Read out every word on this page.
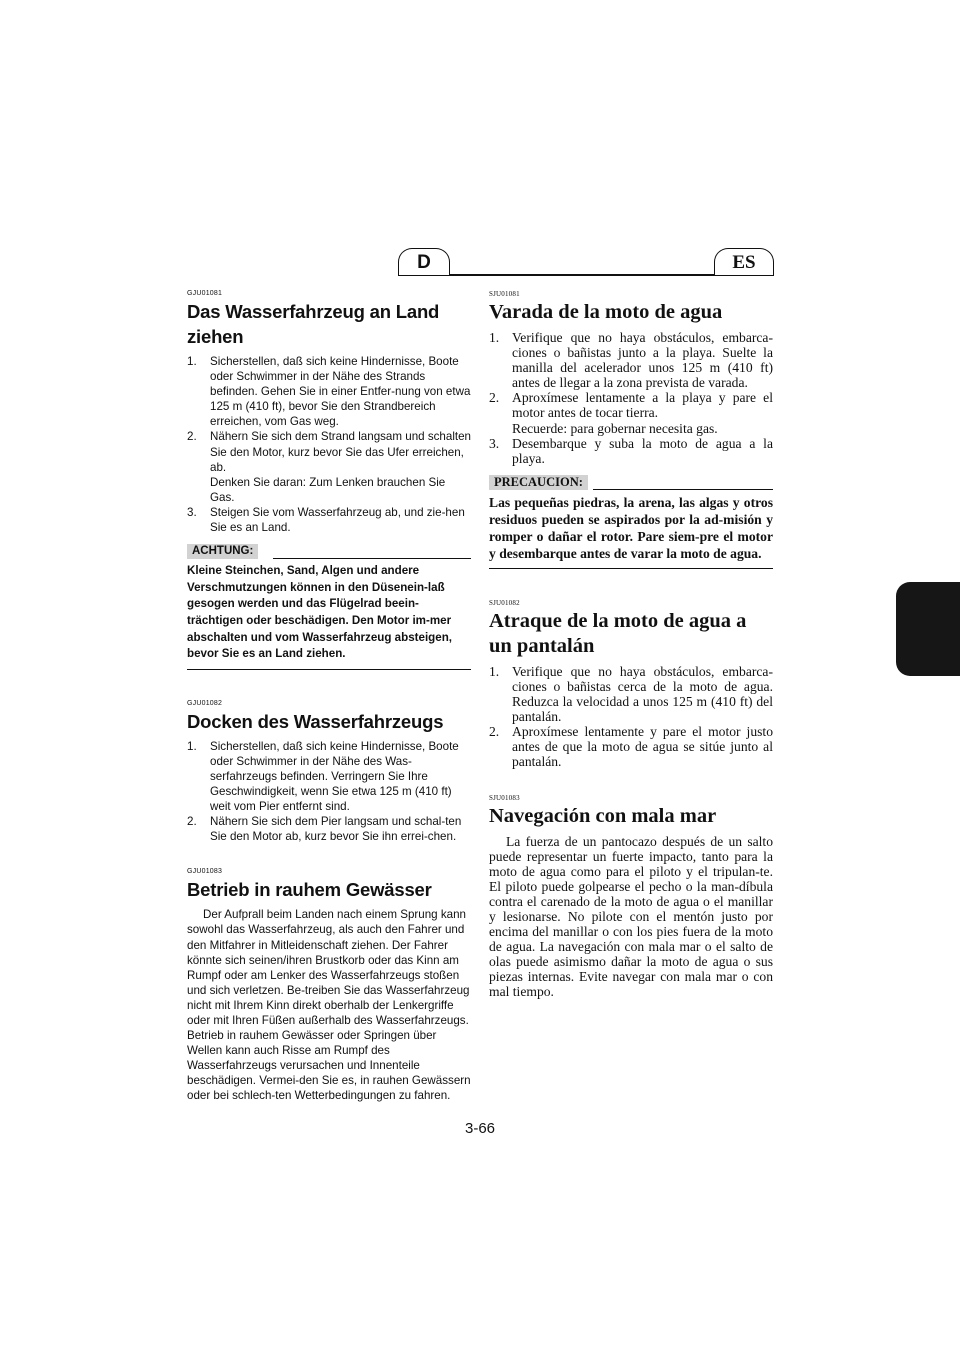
D	ES
GJU01081
Das Wasserfahrzeug an Land ziehen
1. Sicherstellen, daß sich keine Hindernisse, Boote oder Schwimmer in der Nähe des Strands befinden. Gehen Sie in einer Entfer-nung von etwa 125 m (410 ft), bevor Sie den Strandbereich erreichen, vom Gas weg.
2. Nähern Sie sich dem Strand langsam und schalten Sie den Motor, kurz bevor Sie das Ufer erreichen, ab.
Denken Sie daran: Zum Lenken brauchen Sie Gas.
3. Steigen Sie vom Wasserfahrzeug ab, und zie-hen Sie es an Land.
ACHTUNG:
Kleine Steinchen, Sand, Algen und andere Verschmutzungen können in den Düsenein-laß gesogen werden und das Flügelrad beein-trächtigen oder beschädigen. Den Motor im-mer abschalten und vom Wasserfahrzeug absteigen, bevor Sie es an Land ziehen.
GJU01082
Docken des Wasserfahrzeugs
1. Sicherstellen, daß sich keine Hindernisse, Boote oder Schwimmer in der Nähe des Was-serfahrzeugs befinden. Verringern Sie Ihre Geschwindigkeit, wenn Sie etwa 125 m (410 ft) weit vom Pier entfernt sind.
2. Nähern Sie sich dem Pier langsam und schal-ten Sie den Motor ab, kurz bevor Sie ihn errei-chen.
GJU01083
Betrieb in rauhem Gewässer

Der Aufprall beim Landen nach einem Sprung kann sowohl das Wasserfahrzeug, als auch den Fahrer und den Mitfahrer in Mitleidenschaft ziehen. Der Fahrer könnte sich seinen/ihren Brustkorb oder das Kinn am Rumpf oder am Lenker des Wasserfahrzeugs stoßen und sich verletzen. Be-treiben Sie das Wasserfahrzeug nicht mit Ihrem Kinn direkt oberhalb der Lenkergriffe oder mit Ihren Füßen außerhalb des Wasserfahrzeugs. Betrieb in rauhem Gewässer oder Springen über Wellen kann auch Risse am Rumpf des Wasserfahrzeugs verursachen und Innenteile beschädigen. Vermei-den Sie es, in rauhen Gewässern oder bei schlech-ten Wetterbedingungen zu fahren.

SJU01081
Varada de la moto de agua
1. Verifique que no haya obstáculos, embarca-ciones o bañistas junto a la playa. Suelte la manilla del acelerador unos 125 m (410 ft) antes de llegar a la zona prevista de varada.
2. Aproxímese lentamente a la playa y pare el motor antes de tocar tierra.
Recuerde: para gobernar necesita gas.
3. Desembarque y suba la moto de agua a la playa.
PRECAUCION:
Las pequeñas piedras, la arena, las algas y otros residuos pueden se aspirados por la ad-misión y romper o dañar el rotor. Pare siem-pre el motor y desembarque antes de varar la moto de agua.
SJU01082
Atraque de la moto de agua a un pantalán
1. Verifique que no haya obstáculos, embarca-ciones o bañistas cerca de la moto de agua. Reduzca la velocidad a unos 125 m (410 ft) del pantalán.
2. Aproxímese lentamente y pare el motor justo antes de que la moto de agua se sitúe junto al pantalán.
SJU01083
Navegación con mala mar

La fuerza de un pantocazo después de un salto puede representar un fuerte impacto, tanto para la moto de agua como para el piloto y el tripulan-te. El piloto puede golpearse el pecho o la man-díbula contra el carenado de la moto de agua o el manillar y lesionarse. No pilote con el mentón justo por encima del manillar o con los pies fuera de la moto de agua. La navegación con mala mar o el salto de olas puede asimismo dañar la moto de agua o sus piezas internas. Evite navegar con mala mar o con mal tiempo.

3-66
